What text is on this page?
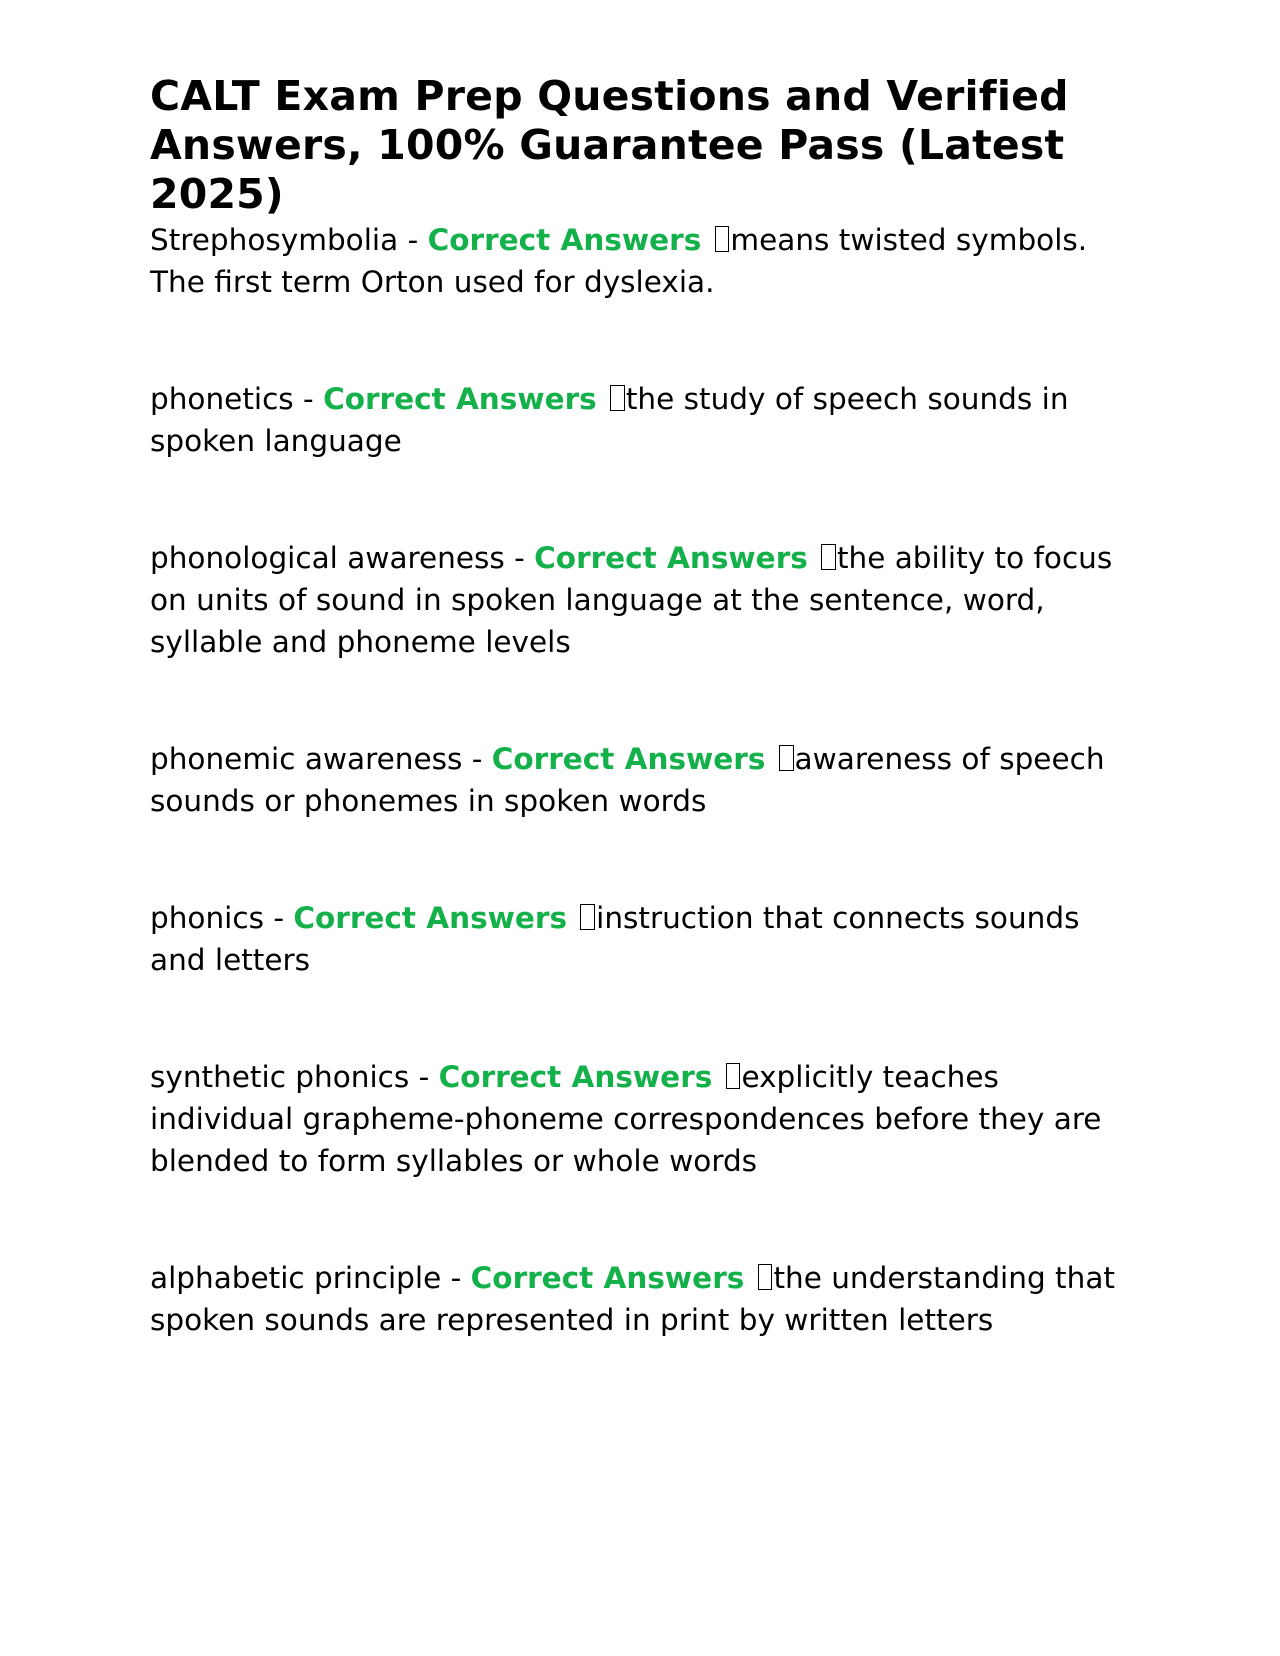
CALT Exam Prep Questions and Verified Answers, 100% Guarantee Pass (Latest 2025)
Strephosymbolia - Correct Answers means twisted symbols. The first term Orton used for dyslexia.
phonetics - Correct Answers the study of speech sounds in spoken language
phonological awareness - Correct Answers the ability to focus on units of sound in spoken language at the sentence, word, syllable and phoneme levels
phonemic awareness - Correct Answers awareness of speech sounds or phonemes in spoken words
phonics - Correct Answers instruction that connects sounds and letters
synthetic phonics - Correct Answers explicitly teaches individual grapheme-phoneme correspondences before they are blended to form syllables or whole words
alphabetic principle - Correct Answers the understanding that spoken sounds are represented in print by written letters
